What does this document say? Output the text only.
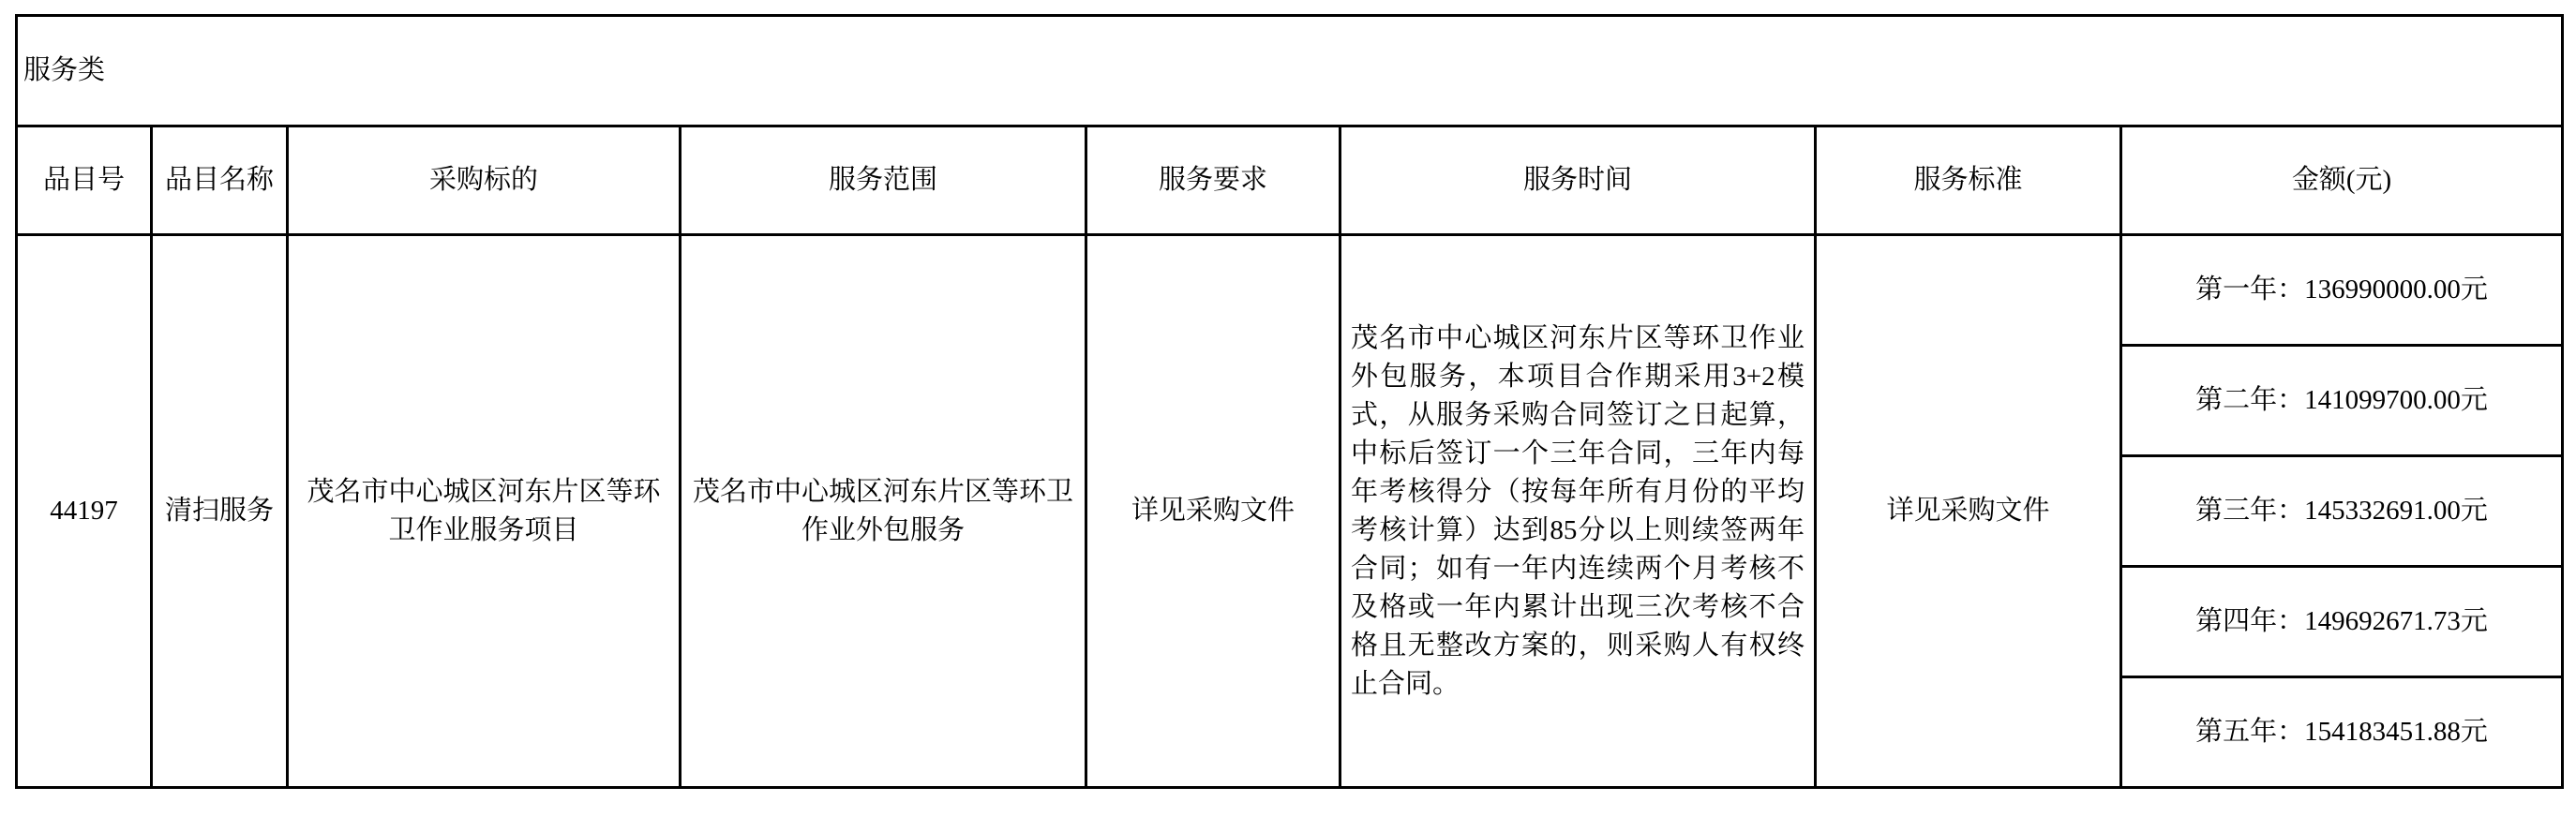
服务类							
品目号	品目名称	采购标的	服务范围	服务要求	服务时间	服务标准	金额(元)
44197	清扫服务	茂名市中心城区河东片区等环卫作业服务项目	茂名市中心城区河东片区等环卫作业外包服务	详见采购文件	茂名市中心城区河东片区等环卫作业外包服务，本项目合作期采用3+2模式，从服务采购合同签订之日起算，中标后签订一个三年合同，三年内每年考核得分（按每年所有月份的平均考核计算）达到85分以上则续签两年合同；如有一年内连续两个月考核不及格或一年内累计出现三次考核不合格且无整改方案的，则采购人有权终止合同。	详见采购文件	第一年：136990000.00元
							第二年：141099700.00元
							第三年：145332691.00元
							第四年：149692671.73元
							第五年：154183451.88元
